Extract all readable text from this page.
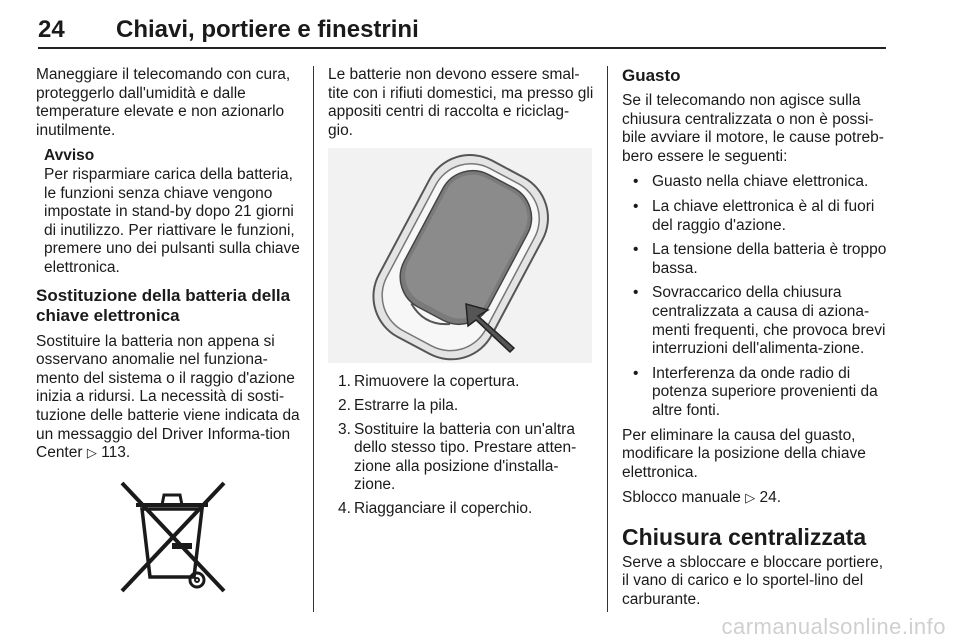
24 Chiavi, portiere e finestrini

Maneggiare il telecomando con cura, proteggerlo dall'umidità e dalle temperature elevate e non azionarlo inutilmente.

Avviso
Per risparmiare carica della batteria, le funzioni senza chiave vengono impostate in stand-by dopo 21 giorni di inutilizzo. Per riattivare le funzioni, premere uno dei pulsanti sulla chiave elettronica.
Sostituzione della batteria della chiave elettronica

Sostituire la batteria non appena si osservano anomalie nel funziona-mento del sistema o il raggio d'azione inizia a ridursi. La necessità di sosti-tuzione delle batterie viene indicata da un messaggio del Driver Informa-tion Center ▷ 113.

Le batterie non devono essere smal-tite con i rifiuti domestici, ma presso gli appositi centri di raccolta e riciclag-gio.

1. Rimuovere la copertura.
2. Estrarre la pila.
3. Sostituire la batteria con un'altra dello stesso tipo. Prestare atten-zione alla posizione d'installa-zione.
4. Riagganciare il coperchio.
Guasto

Se il telecomando non agisce sulla chiusura centralizzata o non è possi-bile avviare il motore, le cause potreb-bero essere le seguenti:

• Guasto nella chiave elettronica.
• La chiave elettronica è al di fuori del raggio d'azione.
• La tensione della batteria è troppo bassa.
• Sovraccarico della chiusura centralizzata a causa di aziona-menti frequenti, che provoca brevi interruzioni dell'alimenta-zione.
• Interferenza da onde radio di potenza superiore provenienti da altre fonti.

Per eliminare la causa del guasto, modificare la posizione della chiave elettronica.

Sblocco manuale ▷ 24.

Chiusura centralizzata

Serve a sbloccare e bloccare portiere, il vano di carico e lo sportel-lino del carburante.

carmanualsonline.info
